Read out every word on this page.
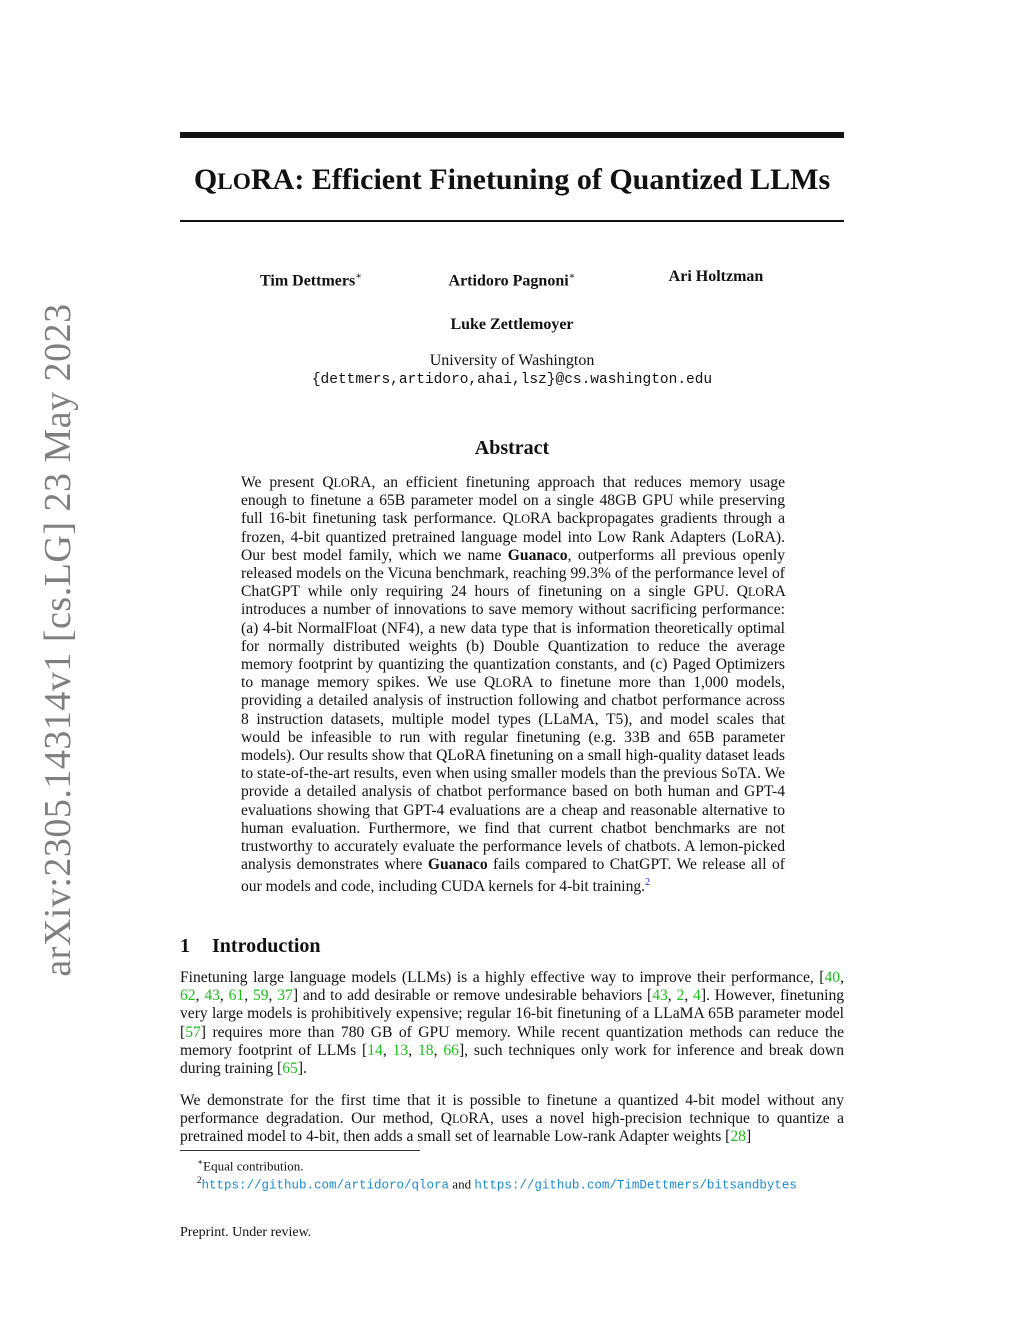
arXiv:2305.14314v1 [cs.LG] 23 May 2023
QLORA: Efficient Finetuning of Quantized LLMs
Tim Dettmers∗	Artidoro Pagnoni∗	Ari Holtzman
Luke Zettlemoyer
University of Washington
{dettmers,artidoro,ahai,lsz}@cs.washington.edu
Abstract

We present QLORA, an efficient finetuning approach that reduces memory usage enough to finetune a 65B parameter model on a single 48GB GPU while preserving full 16-bit finetuning task performance. QLORA backpropagates gradients through a frozen, 4-bit quantized pretrained language model into Low Rank Adapters (LoRA). Our best model family, which we name Guanaco, outperforms all previous openly released models on the Vicuna benchmark, reaching 99.3% of the performance level of ChatGPT while only requiring 24 hours of finetuning on a single GPU. QLORA introduces a number of innovations to save memory without sacrificing performance: (a) 4-bit NormalFloat (NF4), a new data type that is information theoretically optimal for normally distributed weights (b) Double Quantization to reduce the average memory footprint by quantizing the quantization constants, and (c) Paged Optimizers to manage memory spikes. We use QLORA to finetune more than 1,000 models, providing a detailed analysis of instruction following and chatbot performance across 8 instruction datasets, multiple model types (LLaMA, T5), and model scales that would be infeasible to run with regular finetuning (e.g. 33B and 65B parameter models). Our results show that QLoRA finetuning on a small high-quality dataset leads to state-of-the-art results, even when using smaller models than the previous SoTA. We provide a detailed analysis of chatbot performance based on both human and GPT-4 evaluations showing that GPT-4 evaluations are a cheap and reasonable alternative to human evaluation. Furthermore, we find that current chatbot benchmarks are not trustworthy to accurately evaluate the performance levels of chatbots. A lemon-picked analysis demonstrates where Guanaco fails compared to ChatGPT. We release all of our models and code, including CUDA kernels for 4-bit training.$^2$

1 Introduction

Finetuning large language models (LLMs) is a highly effective way to improve their performance, [40, 62, 43, 61, 59, 37] and to add desirable or remove undesirable behaviors [43, 2, 4]. However, finetuning very large models is prohibitively expensive; regular 16-bit finetuning of a LLaMA 65B parameter model [57] requires more than 780 GB of GPU memory. While recent quantization methods can reduce the memory footprint of LLMs [14, 13, 18, 66], such techniques only work for inference and break down during training [65].

We demonstrate for the first time that it is possible to finetune a quantized 4-bit model without any performance degradation. Our method, QLORA, uses a novel high-precision technique to quantize a pretrained model to 4-bit, then adds a small set of learnable Low-rank Adapter weights [28]

∗Equal contribution.
$^2$https://github.com/artidoro/qlora and https://github.com/TimDettmers/bitsandbytes
Preprint. Under review.
